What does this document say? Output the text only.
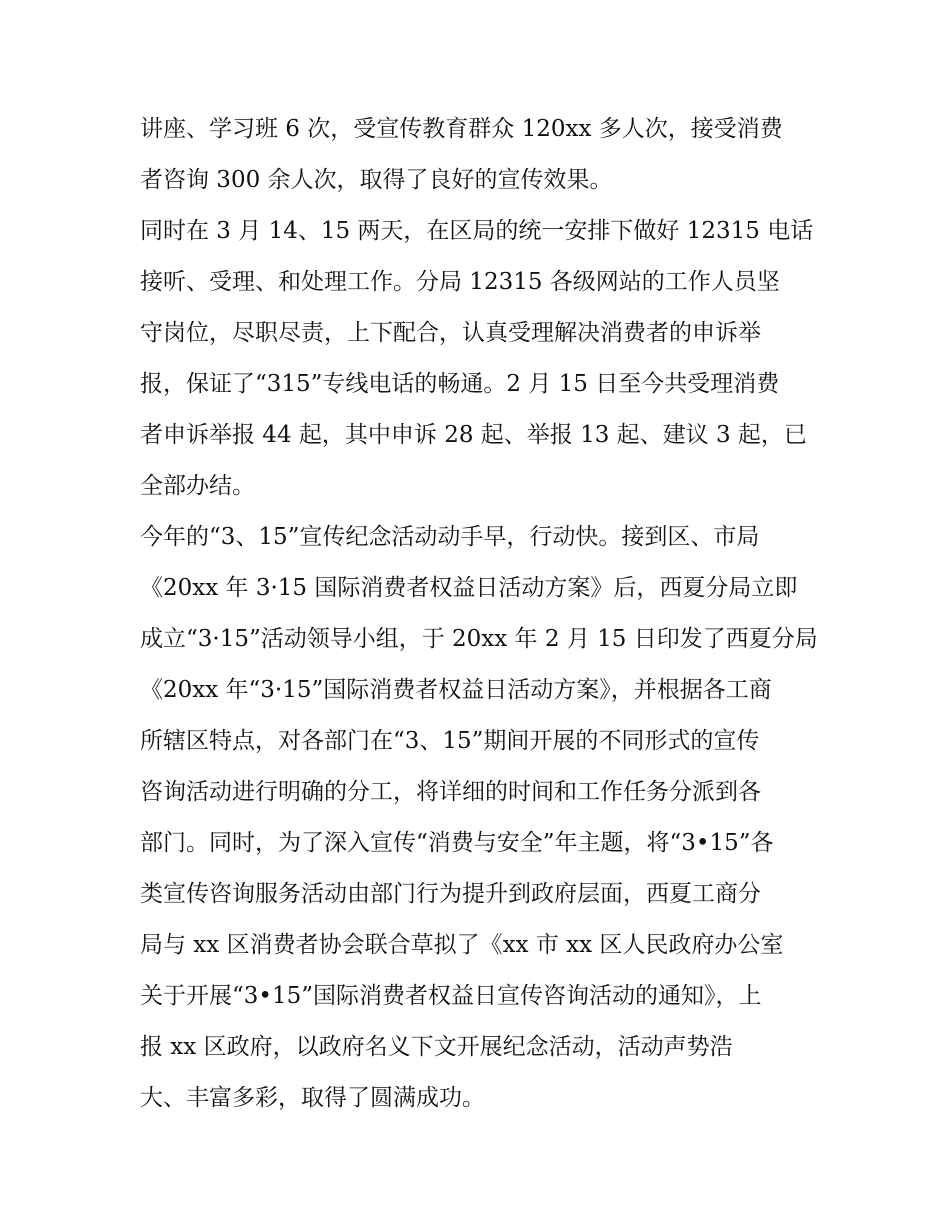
讲座、学习班 6 次，受宣传教育群众 120xx 多人次，接受消费
者咨询 300 余人次，取得了良好的宣传效果。
同时在 3 月 14、15 两天，在区局的统一安排下做好 12315 电话
接听、受理、和处理工作。分局 12315 各级网站的工作人员坚
守岗位，尽职尽责，上下配合，认真受理解决消费者的申诉举
报，保证了“315”专线电话的畅通。2 月 15 日至今共受理消费
者申诉举报 44 起，其中申诉 28 起、举报 13 起、建议 3 起，已
全部办结。
今年的“3、15”宣传纪念活动动手早，行动快。接到区、市局
《20xx 年 3·15 国际消费者权益日活动方案》后，西夏分局立即
成立“3·15”活动领导小组，于 20xx 年 2 月 15 日印发了西夏分局
《20xx 年“3·15”国际消费者权益日活动方案》，并根据各工商
所辖区特点，对各部门在“3、15”期间开展的不同形式的宣传
咨询活动进行明确的分工，将详细的时间和工作任务分派到各
部门。同时，为了深入宣传“消费与安全”年主题，将“3•15”各
类宣传咨询服务活动由部门行为提升到政府层面，西夏工商分
局与 xx 区消费者协会联合草拟了《xx 市 xx 区人民政府办公室
关于开展“3•15”国际消费者权益日宣传咨询活动的通知》，上
报 xx 区政府，以政府名义下文开展纪念活动，活动声势浩
大、丰富多彩，取得了圆满成功。
